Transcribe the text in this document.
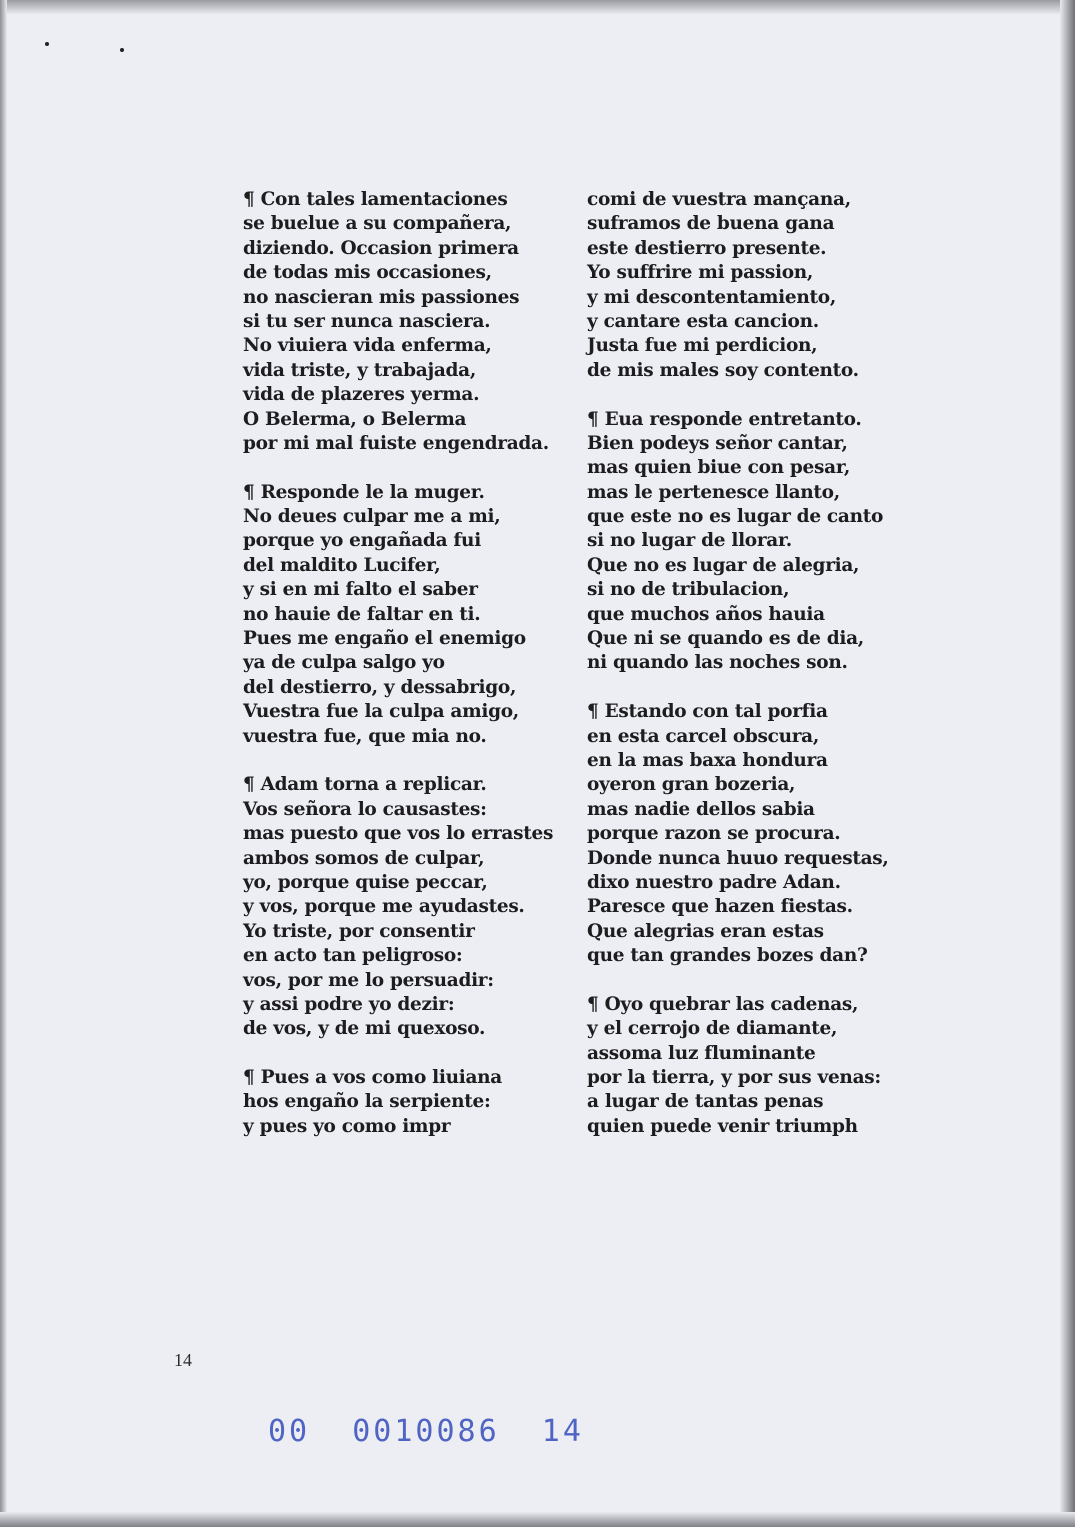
¶ Con tales lamentaciones
se buelue a su compañera,
diziendo. Occasion primera
de todas mis occasiones,
no nascieran mis passiones
si tu ser nunca nasciera.
No viuiera vida enferma,
vida triste, y trabajada,
vida de plazeres yerma.
O Belerma, o Belerma
por mi mal fuiste engendrada.
¶ Responde le la muger.
No deues culpar me a mi,
porque yo engañada fui
del maldito Lucifer,
y si en mi falto el saber
no hauie de faltar en ti.
Pues me engaño el enemigo
ya de culpa salgo yo
del destierro, y dessabrigo,
Vuestra fue la culpa amigo,
vuestra fue, que mia no.
¶ Adam torna a replicar.
Vos señora lo causastes:
mas puesto que vos lo errastes
ambos somos de culpar,
yo, porque quise peccar,
y vos, porque me ayudastes.
Yo triste, por consentir
en acto tan peligroso:
vos, por me lo persuadir:
y assi podre yo dezir:
de vos, y de mi quexoso.
¶ Pues a vos como liuiana
hos engaño la serpiente:
y pues yo como impr
comi de vuestra mançana,
suframos de buena gana
este destierro presente.
Yo suffrire mi passion,
y mi descontentamiento,
y cantare esta cancion.
Justa fue mi perdicion,
de mis males soy contento.
¶ Eua responde entretanto.
Bien podeys señor cantar,
mas quien biue con pesar,
mas le pertenesce llanto,
que este no es lugar de canto
si no lugar de llorar.
Que no es lugar de alegria,
si no de tribulacion,
que muchos años hauia
Que ni se quando es de dia,
ni quando las noches son.
¶ Estando con tal porfia
en esta carcel obscura,
en la mas baxa hondura
oyeron gran bozeria,
mas nadie dellos sabia
porque razon se procura.
Donde nunca huuo requestas,
dixo nuestro padre Adan.
Paresce que hazen fiestas.
Que alegrias eran estas
que tan grandes bozes dan?
¶ Oyo quebrar las cadenas,
y el cerrojo de diamante,
assoma luz fluminante
por la tierra, y por sus venas:
a lugar de tantas penas
quien puede venir triumph
14
00  0010086  14
